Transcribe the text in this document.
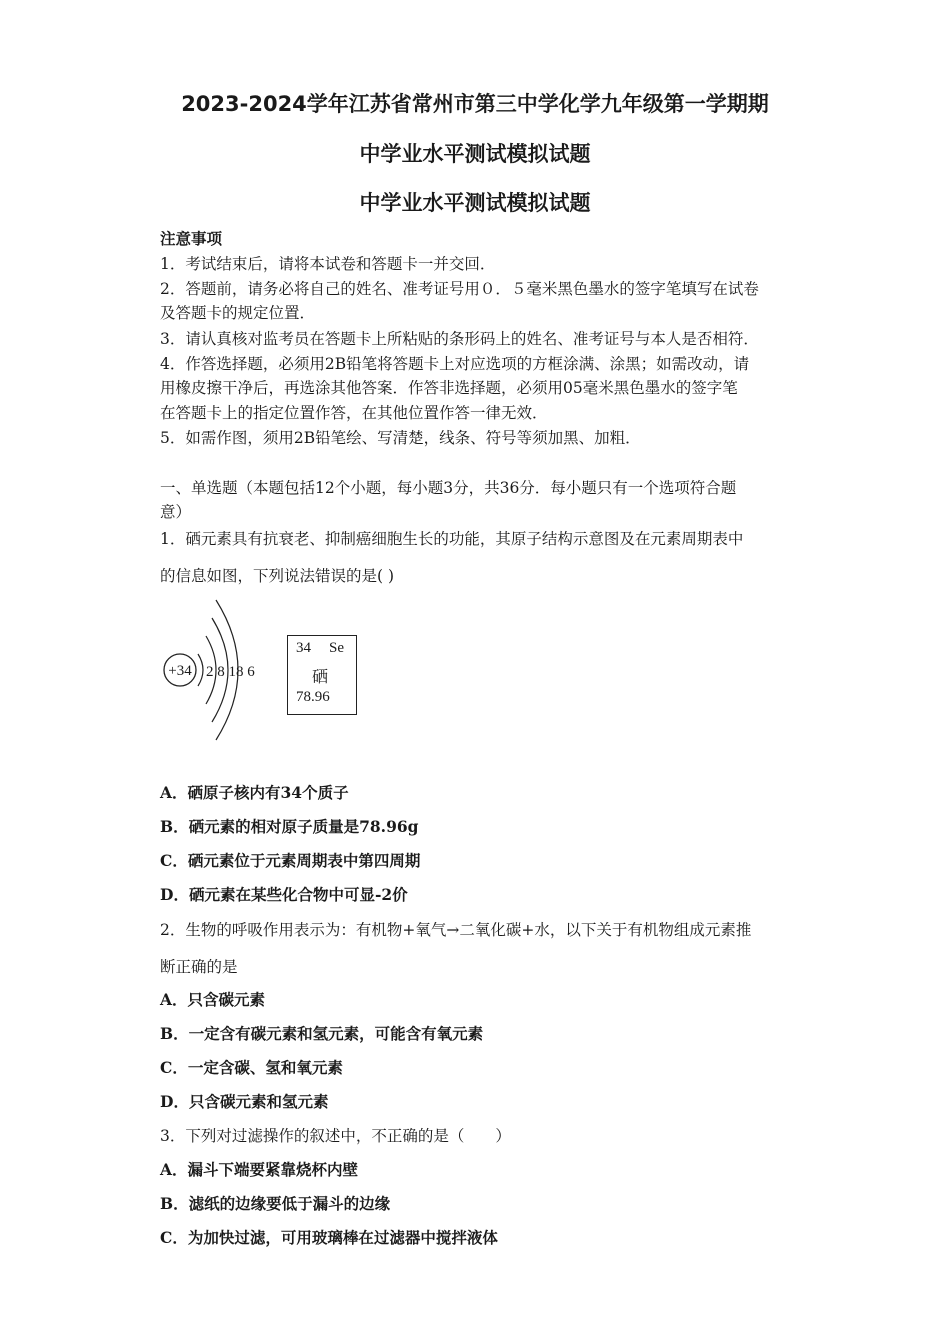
2023-2024学年江苏省常州市第三中学化学九年级第一学期期
中学业水平测试模拟试题
中学业水平测试模拟试题
注意事项
1．考试结束后，请将本试卷和答题卡一并交回．
2．答题前，请务必将自己的姓名、准考证号用０．５毫米黑色墨水的签字笔填写在试卷
及答题卡的规定位置．
3．请认真核对监考员在答题卡上所粘贴的条形码上的姓名、准考证号与本人是否相符．
4．作答选择题，必须用2B铅笔将答题卡上对应选项的方框涂满、涂黑；如需改动，请
用橡皮擦干净后，再选涂其他答案．作答非选择题，必须用05毫米黑色墨水的签字笔
在答题卡上的指定位置作答，在其他位置作答一律无效．
5．如需作图，须用2B铅笔绘、写清楚，线条、符号等须加黑、加粗．
一、单选题（本题包括12个小题，每小题3分，共36分．每小题只有一个选项符合题
意）
1．硒元素具有抗衰老、抑制癌细胞生长的功能，其原子结构示意图及在元素周期表中
的信息如图，下列说法错误的是( )
+34 2 8 18 6
34 Se
硒
78.96
A．硒原子核内有34个质子
B．硒元素的相对原子质量是78.96g
C．硒元素位于元素周期表中第四周期
D．硒元素在某些化合物中可显-2价
2．生物的呼吸作用表示为：有机物+氧气→二氧化碳+水，以下关于有机物组成元素推
断正确的是
A．只含碳元素
B．一定含有碳元素和氢元素，可能含有氧元素
C．一定含碳、氢和氧元素
D．只含碳元素和氢元素
3．下列对过滤操作的叙述中，不正确的是（　　）
A．漏斗下端要紧靠烧杯内壁
B．滤纸的边缘要低于漏斗的边缘
C．为加快过滤，可用玻璃棒在过滤器中搅拌液体
